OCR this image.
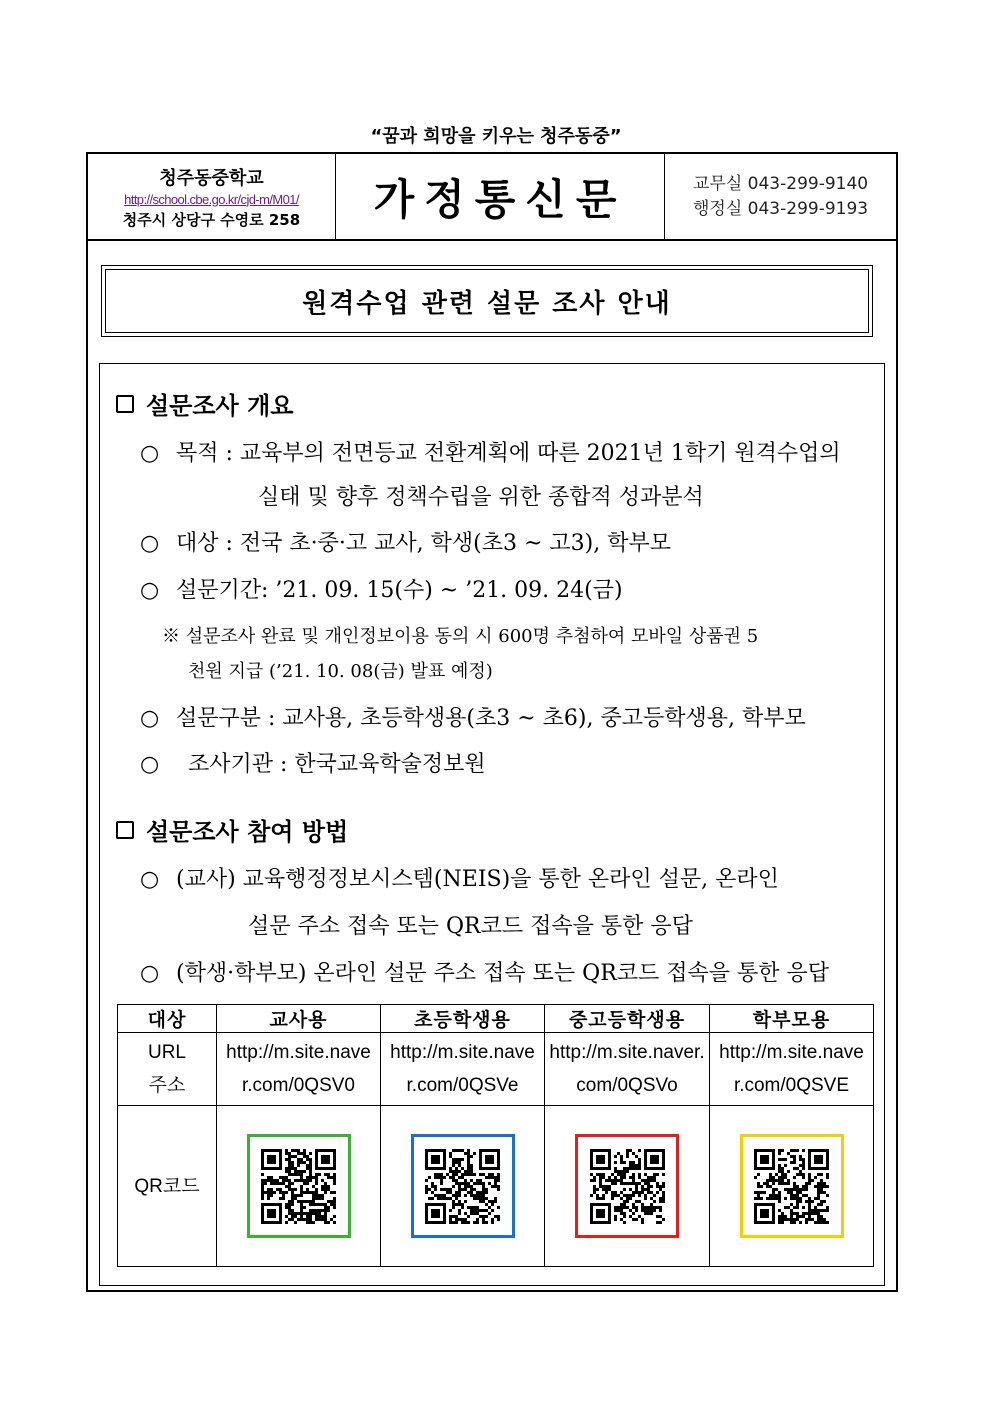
“꿈과 희망을 키우는 청주동중”
청주동중학교
http://school.cbe.go.kr/cjd-m/M01/
청주시 상당구 수영로 258	가정통신문	교무실 043-299-9140
행정실 043-299-9193
원격수업 관련 설문 조사 안내
설문조사 개요
○ 목적 : 교육부의 전면등교 전환계획에 따른 2021년 1학기 원격수업의
실태 및 향후 정책수립을 위한 종합적 성과분석
○ 대상 : 전국 초·중·고 교사, 학생(초3 ~ 고3), 학부모
○ 설문기간: ’21. 09. 15(수) ~ ’21. 09. 24(금)
※ 설문조사 완료 및 개인정보이용 동의 시 600명 추첨하여 모바일 상품권 5
천원 지급 (’21. 10. 08(금) 발표 예정)
○ 설문구분 : 교사용, 초등학생용(초3 ~ 초6), 중고등학생용, 학부모
○ 조사기관 : 한국교육학술정보원
설문조사 참여 방법
○ (교사) 교육행정정보시스템(NEIS)을 통한 온라인 설문, 온라인
설문 주소 접속 또는 QR코드 접속을 통한 응답
○ (학생·학부모) 온라인 설문 주소 접속 또는 QR코드 접속을 통한 응답
대상	교사용	초등학생용	중고등학생용	학부모용

URL
주소	http://m.site.naver.com/0QSV0	http://m.site.naver.com/0QSVe	http://m.site.naver.com/0QSVo	http://m.site.naver.com/0QSVE
QR코드	
